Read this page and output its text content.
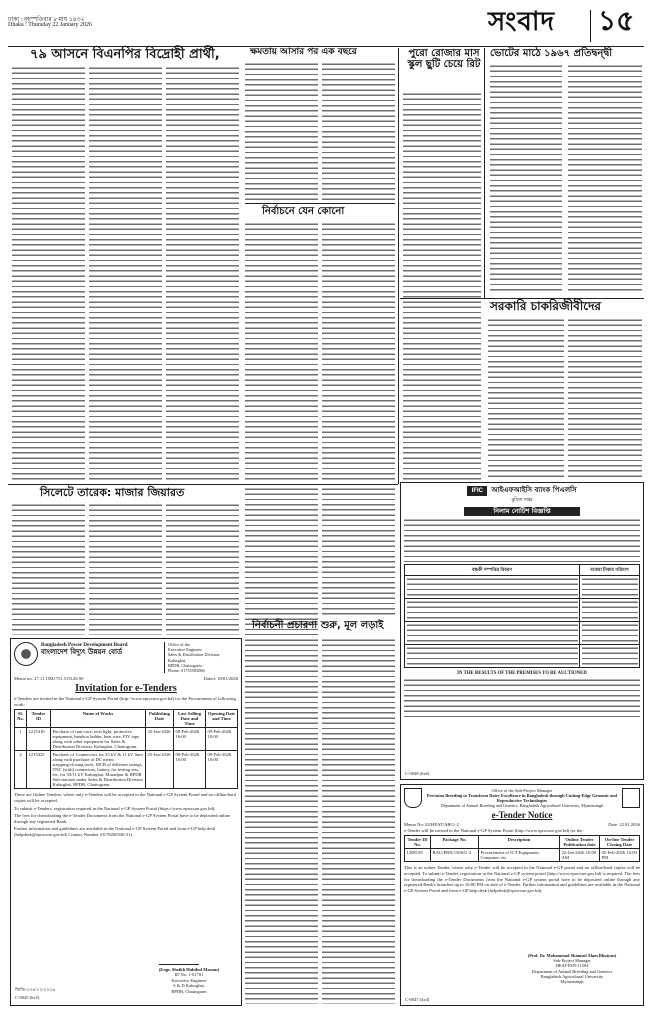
ঢাকা : বৃহস্পতিবার ৮ মাঘ ১৪৩২
Dhaka : Thursday 22 January 2026	সংবাদ ১৫
৭৯ আসনে বিএনপির বিদ্রোহী প্রার্থী,	ক্ষমতায় আসার পর এক বছরে
নির্বাচনে যেন কোনো
পুরো রোজার মাস স্কুল ছুটি চেয়ে রিট
ভোটের মাঠে ১৯৬৭ প্রতিদ্বন্দ্বী
সরকারি চাকরিজীবীদের
সিলেটে তারেক: মাজার জিয়ারত
নির্বাচনী প্রচারণা শুরু, মূল লড়াই
Bangladesh Power Development Board
বাংলাদেশ বিদ্যুৎ উন্নয়ন বোর্ড
Office of the
Executive Engineer
Sales & Distribution Division,
Kalurghat,
BPDB, Chattogram.
Phone: 01755583066
Memo no: 27.11.1500.751.5.03.26.90	Dated: 18/01/2026
Invitation for e-Tenders
e-Tenders are invited in the National e-GP System Portal (http://www.eprocure.gov.bd) for the Procurement of following work:
Sl. No.	Tender ID	Name of Works	Publishing Date	Last Selling Date and Time	Opening Date and Time
1	1215416	Purchase of ram-core, tech light, protective equipment, bamboo ladder, heat wire, PIV tape along with other equipment for Sales & Distribution Division, Kalurghat, Chattogram.	25-Jan-2026	08-Feb-2026 16:00	09-Feb-2026 10:00
2	1215425	Purchase of 1connectors for 33 kV & 11 kV lines along with purchase of DC meter, stripping/closing tools, MCB of different ratings, TNC (with) connectors, battery for testing sets, etc. for 33/11 kV Kalurghat, Muradpur & BPDB Sub-stations under Sales & Distribution Division Kalurghat, BPDB, Chattogram.	25-Jan-2026	08-Feb-2026 16:00	09-Feb-2026 10:00

These are Online Tenders, where only e-Tenders will be accepted in the National e-GP System Portal and no offline/hard copies will be accepted.

To submit e-Tenders, registration required in the National e-GP System Portal (https://www.eprocure.gov.bd).

The fees for downloading the e-Tender Documents from the National e-GP System Portal have to be deposited online through any registered Bank.

Further information and guidelines are available in the National e-GP System Portal and from e-GP help desk (helpdesk@eprocure.gov.bd) Contact Number (0178260530-31).

(Engr. Sheikh Habibul Masum)
ID No: 1-01701
Executive Engineer
S & D Kalurghat,
BPDB, Chattogram
জিডি-২৩৪/১২/২০২৬
C-0045 (6x5)
IFIC	আইএফআইসি ব্যাংক পিএলসি
মুদ্রিত দপ্তর
নিলাম নোটিশ বিজ্ঞপ্তি
বন্ধকী সম্পত্তির বিবরণ	বকেয়া টাকার পরিমাণ

IN THE RESULTS OF THE PREMISES TO BE AUCTIONED
C-0048 (6x6)
Office of the Sub-Project Manager
Precision Breeding to Transform Dairy Excellence in Bangladesh through Cutting-Edge Genomic and Reproductive Technologies
Department of Animal Breeding and Genetics, Bangladesh Agricultural University, Mymensingh
e-Tender Notice
Memo No: 02/HEAT/ABG/-2	Date: 22.01.2026
e-Tender will be invited in the National e-GP System Portal (http://www.eprocure.gov.bd) for the:
Tender ID No.	Package No.	Description	Online Tender Publication date	On-line Tender Closing Date
1208139	BAU/PBN/1506/G-2	Procurement of ICT Equipment, Computer, etc.	22-Jan-2026 10:00 AM	05-Feb-2026 16:00 PM
This is an online Tender, where only e-Tender will be accepted in the National e-GP portal and no offline/hard copies will be accepted. To submit e-Tender, registration in the National e-GP system portal (http://www.eprocure.gov.bd) is required. The fees for downloading the e-Tender Documents from the National e-GP system portal have to be deposited online through any registered Bank's branches up to 16:00 PM on date of e-Tender. Further information and guidelines are available in the National e-GP System Portal and from e-GP help desk (helpdesk@eprocure.gov.bd).
(Prof. Dr. Mohammad Shamsul Alam Bhuiyan)
Sub-Project Manager
HEAT-PSN-11504
Department of Animal Breeding and Genetics
Bangladesh Agricultural University
Mymensingh
C-0047 (4x4)
